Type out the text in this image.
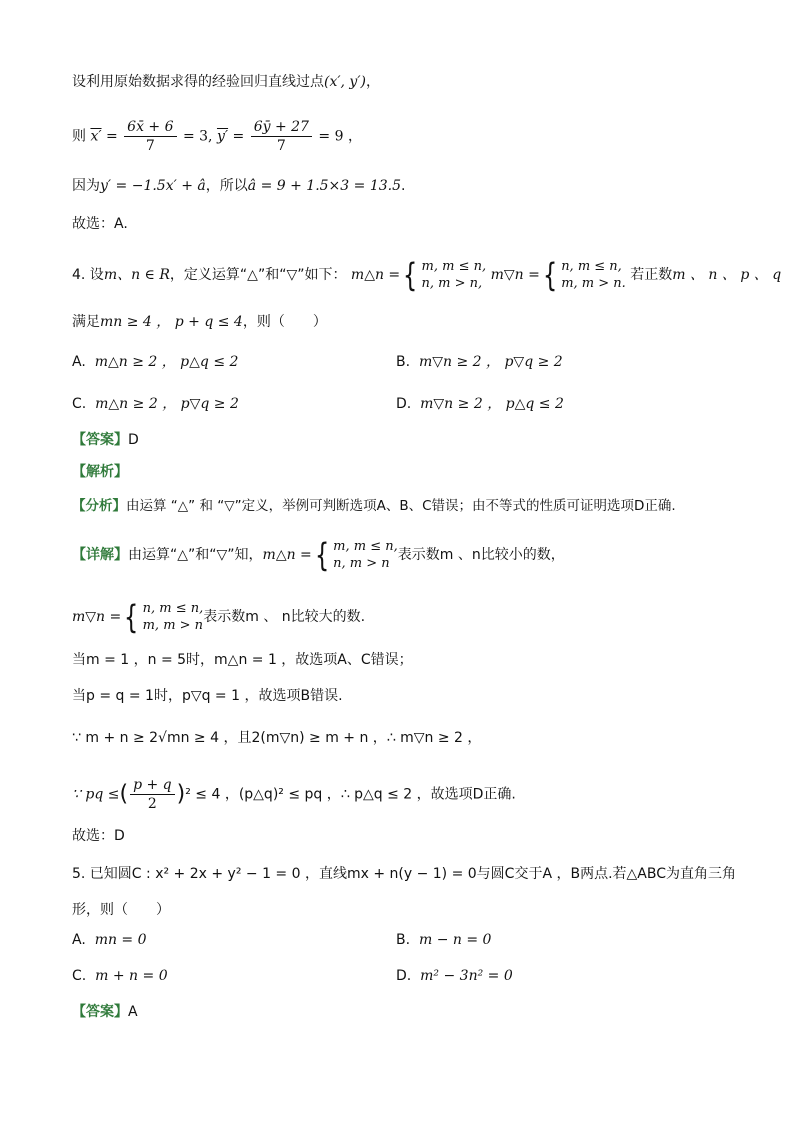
设利用原始数据求得的经验回归直线过点(x′, y′)，
则 $x' = \frac{6x̄ + 6}{7} = 3$, $y' = \frac{6ȳ + 27}{7} = 9$ ，
因为y′ = −1.5x′ + â，所以â = 9 + 1.5×3 = 13.5.
故选：A.
4. 设m、n ∈ R，定义运算“△”和“▽”如下： m△n ={ m, m ≤ n,
n, m > n,
m▽n ={ n, m ≤ n,
m, m > n.
若正数m 、 n 、 p 、 q
满足mn ≥ 4 ， p + q ≤ 4，则（　　）
A. m△n ≥ 2 ， p△q ≤ 2	B. m▽n ≥ 2 ， p▽q ≥ 2
C. m△n ≥ 2 ， p▽q ≥ 2	D. m▽n ≥ 2 ， p△q ≤ 2
【答案】D
【解析】
【分析】由运算 “△” 和 “▽”定义，举例可判断选项A、B、C错误；由不等式的性质可证明选项D正确.
【详解】由运算“△”和“▽”知，m△n ={ m, m ≤ n,
n, m > n
表示数m 、n比较小的数，
m▽n ={ n, m ≤ n,
m, m > n
表示数m 、 n比较大的数.
当m = 1 ，n = 5时，m△n = 1 ，故选项A、C错误；
当p = q = 1时，p▽q = 1 ，故选项B错误.
∵ m + n ≥ 2√mn ≥ 4 ，且2(m▽n) ≥ m + n ，∴ m▽n ≥ 2 ，
∵ pq ≤( $\frac{p + q}{2} )^2 \le 4$ ，(p△q)² ≤ pq ，∴ p△q ≤ 2 ，故选项D正确.
故选：D
5. 已知圆C : x² + 2x + y² − 1 = 0 ，直线mx + n(y − 1) = 0与圆C交于A ，B两点.若△ABC为直角三角
形，则（　　）
A. mn = 0	B. m − n = 0
C. m + n = 0	D. m² − 3n² = 0
【答案】A
